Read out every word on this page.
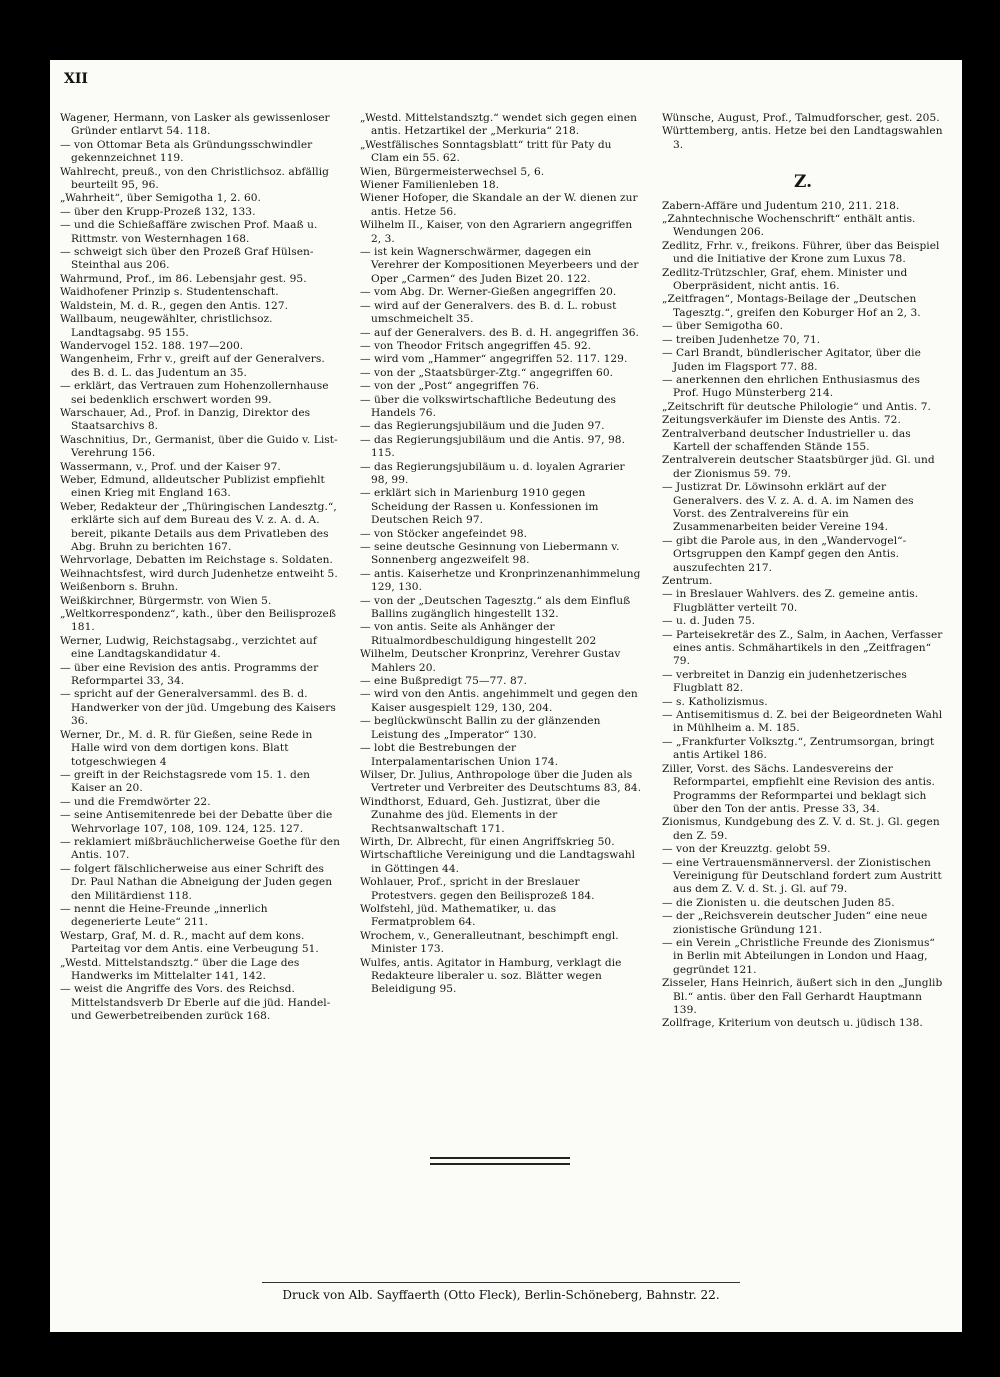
XII

Wagener, Hermann, von Lasker als gewissenloser Gründer entlarvt 54. 118.

— von Ottomar Beta als Gründungsschwindler gekennzeichnet 119.

Wahlrecht, preuß., von den Christlichsoz. abfällig beurteilt 95, 96.

„Wahrheit“, über Semigotha 1, 2. 60.

— über den Krupp-Prozeß 132, 133.

— und die Schießaffäre zwischen Prof. Maaß u. Rittmstr. von Westernhagen 168.

— schweigt sich über den Prozeß Graf Hülsen-Steinthal aus 206.

Wahrmund, Prof., im 86. Lebensjahr gest. 95.

Waidhofener Prinzip s. Studentenschaft.

Waldstein, M. d. R., gegen den Antis. 127.

Wallbaum, neugewählter, christlichsoz. Landtagsabg. 95 155.

Wandervogel 152. 188. 197—200.

Wangenheim, Frhr v., greift auf der Generalvers. des B. d. L. das Judentum an 35.

— erklärt, das Vertrauen zum Hohenzollernhause sei bedenklich erschwert worden 99.

Warschauer, Ad., Prof. in Danzig, Direktor des Staatsarchivs 8.

Waschnitius, Dr., Germanist, über die Guido v. List-Verehrung 156.

Wassermann, v., Prof. und der Kaiser 97.

Weber, Edmund, alldeutscher Publizist empfiehlt einen Krieg mit England 163.

Weber, Redakteur der „Thüringischen Landesztg.“, erklärte sich auf dem Bureau des V. z. A. d. A. bereit, pikante Details aus dem Privatleben des Abg. Bruhn zu berichten 167.

Wehrvorlage, Debatten im Reichstage s. Soldaten.

Weihnachtsfest, wird durch Judenhetze entweiht 5.

Weißenborn s. Bruhn.

Weißkirchner, Bürgermstr. von Wien 5.

„Weltkorrespondenz“, kath., über den Beilisprozeß 181.

Werner, Ludwig, Reichstagsabg., verzichtet auf eine Landtagskandidatur 4.

— über eine Revision des antis. Programms der Reformpartei 33, 34.

— spricht auf der Generalversamml. des B. d. Handwerker von der jüd. Umgebung des Kaisers 36.

Werner, Dr., M. d. R. für Gießen, seine Rede in Halle wird von dem dortigen kons. Blatt totgeschwiegen 4

— greift in der Reichstagsrede vom 15. 1. den Kaiser an 20.

— und die Fremdwörter 22.

— seine Antisemitenrede bei der Debatte über die Wehrvorlage 107, 108, 109. 124, 125. 127.

— reklamiert mißbräuchlicherweise Goethe für den Antis. 107.

— folgert fälschlicherweise aus einer Schrift des Dr. Paul Nathan die Abneigung der Juden gegen den Militärdienst 118.

— nennt die Heine-Freunde „innerlich degenerierte Leute“ 211.

Westarp, Graf, M. d. R., macht auf dem kons. Parteitag vor dem Antis. eine Verbeugung 51.

„Westd. Mittelstandsztg.“ über die Lage des Handwerks im Mittelalter 141, 142.

— weist die Angriffe des Vors. des Reichsd. Mittelstandsverb Dr Eberle auf die jüd. Handel- und Gewerbetreibenden zurück 168.

„Westd. Mittelstandsztg.“ wendet sich gegen einen antis. Hetzartikel der „Merkuria“ 218.

„Westfälisches Sonntagsblatt“ tritt für Paty du Clam ein 55. 62.

Wien, Bürgermeisterwechsel 5, 6.

Wiener Familienleben 18.

Wiener Hofoper, die Skandale an der W. dienen zur antis. Hetze 56.

Wilhelm II., Kaiser, von den Agrariern angegriffen 2, 3.

— ist kein Wagnerschwärmer, dagegen ein Verehrer der Kompositionen Meyerbeers und der Oper „Carmen“ des Juden Bizet 20. 122.

— vom Abg. Dr. Werner-Gießen angegriffen 20.

— wird auf der Generalvers. des B. d. L. robust umschmeichelt 35.

— auf der Generalvers. des B. d. H. angegriffen 36.

— von Theodor Fritsch angegriffen 45. 92.

— wird vom „Hammer“ angegriffen 52. 117. 129.

— von der „Staatsbürger-Ztg.“ angegriffen 60.

— von der „Post“ angegriffen 76.

— über die volkswirtschaftliche Bedeutung des Handels 76.

— das Regierungsjubiläum und die Juden 97.

— das Regierungsjubiläum und die Antis. 97, 98. 115.

— das Regierungsjubiläum u. d. loyalen Agrarier 98, 99.

— erklärt sich in Marienburg 1910 gegen Scheidung der Rassen u. Konfessionen im Deutschen Reich 97.

— von Stöcker angefeindet 98.

— seine deutsche Gesinnung von Liebermann v. Sonnenberg angezweifelt 98.

— antis. Kaiserhetze und Kronprinzenanhimmelung 129, 130.

— von der „Deutschen Tagesztg.“ als dem Einfluß Ballins zugänglich hingestellt 132.

— von antis. Seite als Anhänger der Ritualmordbeschuldigung hingestellt 202

Wilhelm, Deutscher Kronprinz, Verehrer Gustav Mahlers 20.

— eine Bußpredigt 75—77. 87.

— wird von den Antis. angehimmelt und gegen den Kaiser ausgespielt 129, 130, 204.

— beglückwünscht Ballin zu der glänzenden Leistung des „Imperator“ 130.

— lobt die Bestrebungen der Interpalamentarischen Union 174.

Wilser, Dr. Julius, Anthropologe über die Juden als Vertreter und Verbreiter des Deutschtums 83, 84.

Windthorst, Eduard, Geh. Justizrat, über die Zunahme des jüd. Elements in der Rechtsanwaltschaft 171.

Wirth, Dr. Albrecht, für einen Angriffskrieg 50.

Wirtschaftliche Vereinigung und die Landtagswahl in Göttingen 44.

Wohlauer, Prof., spricht in der Breslauer Protestvers. gegen den Beilisprozeß 184.

Wolfstehl, jüd. Mathematiker, u. das Fermatproblem 64.

Wrochem, v., Generalleutnant, beschimpft engl. Minister 173.

Wulfes, antis. Agitator in Hamburg, verklagt die Redakteure liberaler u. soz. Blätter wegen Beleidigung 95.

Wünsche, August, Prof., Talmudforscher, gest. 205.

Württemberg, antis. Hetze bei den Landtagswahlen 3.

Z.

Zabern-Affäre und Judentum 210, 211. 218.

„Zahntechnische Wochenschrift“ enthält antis. Wendungen 206.

Zedlitz, Frhr. v., freikons. Führer, über das Beispiel und die Initiative der Krone zum Luxus 78.

Zedlitz-Trützschler, Graf, ehem. Minister und Oberpräsident, nicht antis. 16.

„Zeitfragen“, Montags-Beilage der „Deutschen Tagesztg.“, greifen den Koburger Hof an 2, 3.

— über Semigotha 60.

— treiben Judenhetze 70, 71.

— Carl Brandt, bündlerischer Agitator, über die Juden im Flagsport 77. 88.

— anerkennen den ehrlichen Enthusiasmus des Prof. Hugo Münsterberg 214.

„Zeitschrift für deutsche Philologie“ und Antis. 7.

Zeitungsverkäufer im Dienste des Antis. 72.

Zentralverband deutscher Industrieller u. das Kartell der schaffenden Stände 155.

Zentralverein deutscher Staatsbürger jüd. Gl. und der Zionismus 59. 79.

— Justizrat Dr. Löwinsohn erklärt auf der Generalvers. des V. z. A. d. A. im Namen des Vorst. des Zentralvereins für ein Zusammenarbeiten beider Vereine 194.

— gibt die Parole aus, in den „Wandervogel“-Ortsgruppen den Kampf gegen den Antis. auszufechten 217.

Zentrum.

— in Breslauer Wahlvers. des Z. gemeine antis. Flugblätter verteilt 70.

— u. d. Juden 75.

— Parteisekretär des Z., Salm, in Aachen, Verfasser eines antis. Schmähartikels in den „Zeitfragen“ 79.

— verbreitet in Danzig ein judenhetzerisches Flugblatt 82.

— s. Katholizismus.

— Antisemitismus d. Z. bei der Beigeordneten Wahl in Mühlheim a. M. 185.

— „Frankfurter Volksztg.“, Zentrumsorgan, bringt antis Artikel 186.

Ziller, Vorst. des Sächs. Landesvereins der Reformpartei, empfiehlt eine Revision des antis. Programms der Reformpartei und beklagt sich über den Ton der antis. Presse 33, 34.

Zionismus, Kundgebung des Z. V. d. St. j. Gl. gegen den Z. 59.

— von der Kreuzztg. gelobt 59.

— eine Vertrauensmännerversl. der Zionistischen Vereinigung für Deutschland fordert zum Austritt aus dem Z. V. d. St. j. Gl. auf 79.

— die Zionisten u. die deutschen Juden 85.

— der „Reichsverein deutscher Juden“ eine neue zionistische Gründung 121.

— ein Verein „Christliche Freunde des Zionismus“ in Berlin mit Abteilungen in London und Haag, gegründet 121.

Zisseler, Hans Heinrich, äußert sich in den „Junglib Bl.“ antis. über den Fall Gerhardt Hauptmann 139.

Zollfrage, Kriterium von deutsch u. jüdisch 138.

Druck von Alb. Sayffaerth (Otto Fleck), Berlin-Schöneberg, Bahnstr. 22.
